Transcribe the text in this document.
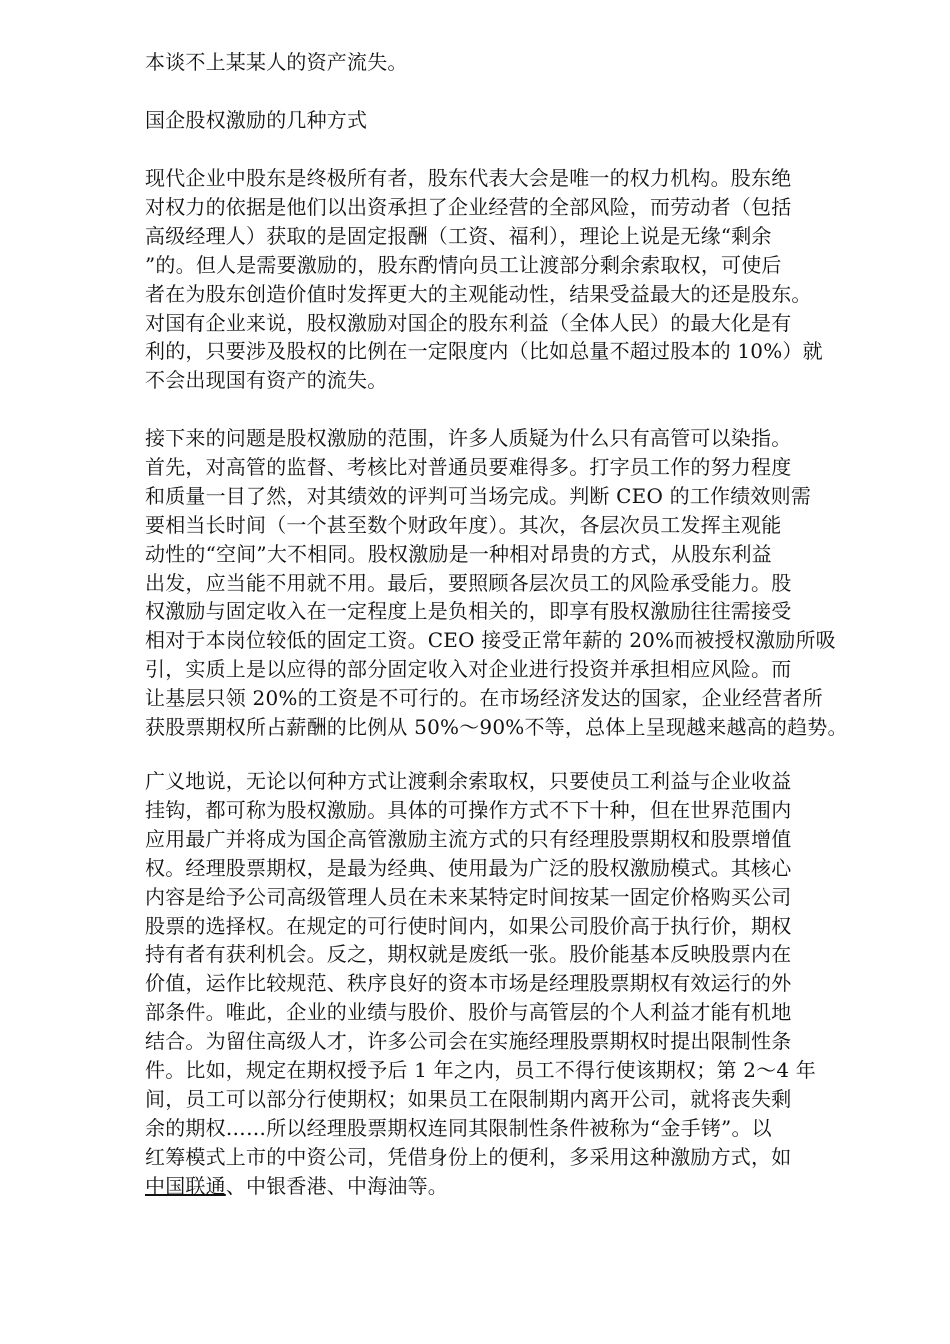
本谈不上某某人的资产流失。
国企股权激励的几种方式
现代企业中股东是终极所有者，股东代表大会是唯一的权力机构。股东绝
对权力的依据是他们以出资承担了企业经营的全部风险，而劳动者（包括
高级经理人）获取的是固定报酬（工资、福利），理论上说是无缘“剩余
”的。但人是需要激励的，股东酌情向员工让渡部分剩余索取权，可使后
者在为股东创造价值时发挥更大的主观能动性，结果受益最大的还是股东。
对国有企业来说，股权激励对国企的股东利益（全体人民）的最大化是有
利的，只要涉及股权的比例在一定限度内（比如总量不超过股本的 10%）就
不会出现国有资产的流失。
接下来的问题是股权激励的范围，许多人质疑为什么只有高管可以染指。
首先，对高管的监督、考核比对普通员要难得多。打字员工作的努力程度
和质量一目了然，对其绩效的评判可当场完成。判断 CEO 的工作绩效则需
要相当长时间（一个甚至数个财政年度）。其次，各层次员工发挥主观能
动性的“空间”大不相同。股权激励是一种相对昂贵的方式，从股东利益
出发，应当能不用就不用。最后，要照顾各层次员工的风险承受能力。股
权激励与固定收入在一定程度上是负相关的，即享有股权激励往往需接受
相对于本岗位较低的固定工资。CEO 接受正常年薪的 20%而被授权激励所吸
引，实质上是以应得的部分固定收入对企业进行投资并承担相应风险。而
让基层只领 20%的工资是不可行的。在市场经济发达的国家，企业经营者所
获股票期权所占薪酬的比例从 50%～90%不等，总体上呈现越来越高的趋势。
广义地说，无论以何种方式让渡剩余索取权，只要使员工利益与企业收益
挂钩，都可称为股权激励。具体的可操作方式不下十种，但在世界范围内
应用最广并将成为国企高管激励主流方式的只有经理股票期权和股票增值
权。经理股票期权，是最为经典、使用最为广泛的股权激励模式。其核心
内容是给予公司高级管理人员在未来某特定时间按某一固定价格购买公司
股票的选择权。在规定的可行使时间内，如果公司股价高于执行价，期权
持有者有获利机会。反之，期权就是废纸一张。股价能基本反映股票内在
价值，运作比较规范、秩序良好的资本市场是经理股票期权有效运行的外
部条件。唯此，企业的业绩与股价、股价与高管层的个人利益才能有机地
结合。为留住高级人才，许多公司会在实施经理股票期权时提出限制性条
件。比如，规定在期权授予后 1 年之内，员工不得行使该期权；第 2～4 年
间，员工可以部分行使期权；如果员工在限制期内离开公司，就将丧失剩
余的期权……所以经理股票期权连同其限制性条件被称为“金手铐”。以
红筹模式上市的中资公司，凭借身份上的便利，多采用这种激励方式，如
中国联通、中银香港、中海油等。
